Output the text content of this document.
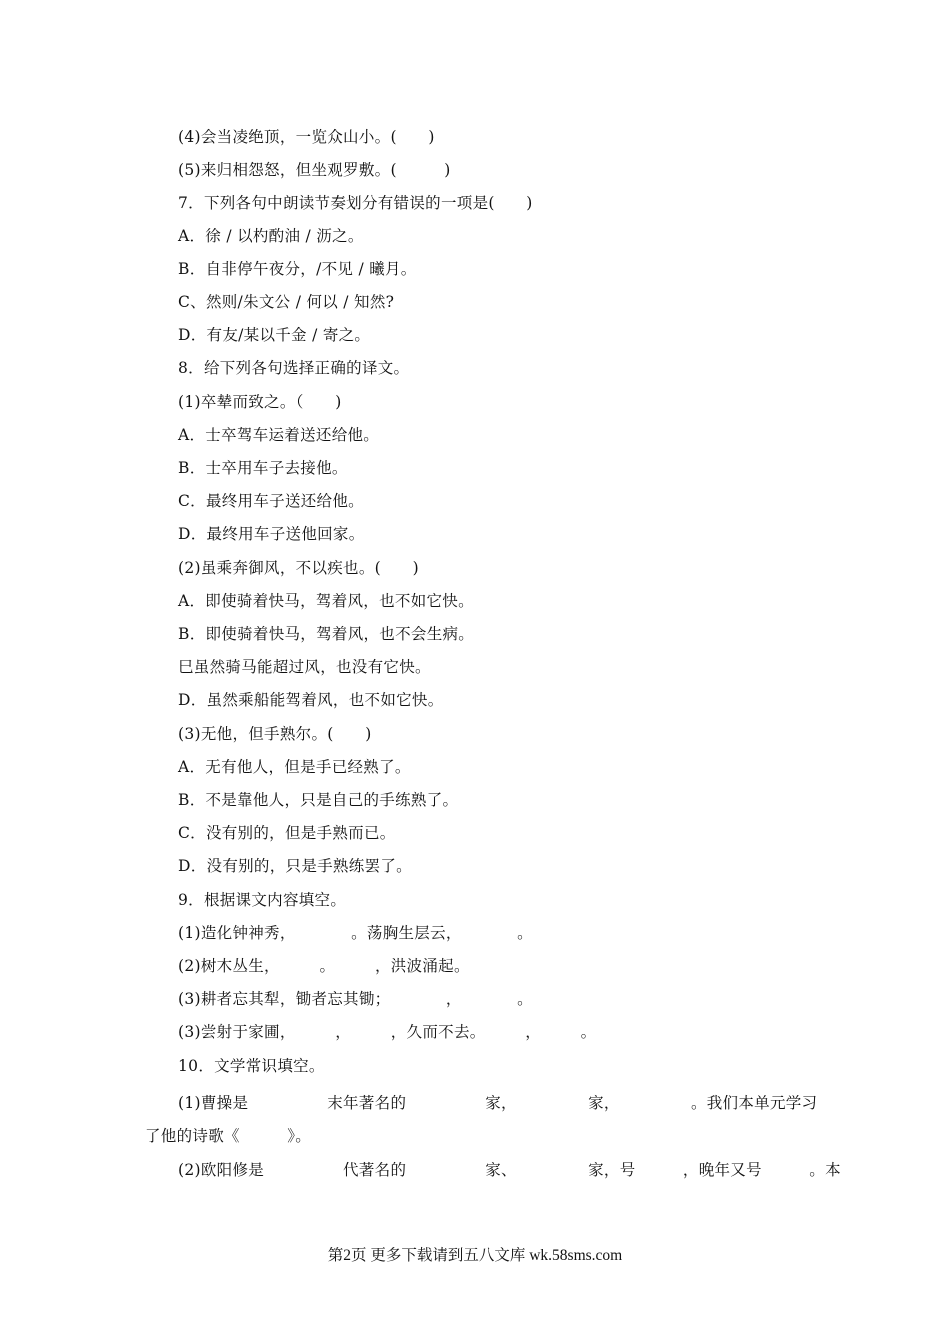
(4)会当凌绝顶，一览众山小。(　　)
(5)来归相怨怒，但坐观罗敷。(　　　)
7．下列各句中朗读节奏划分有错误的一项是(　　)
A．徐 / 以杓酌油 / 沥之。
B．自非停午夜分，/不见 / 曦月。
C、然则/朱文公 / 何以 / 知然?
D．有友/某以千金 / 寄之。
8．给下列各句选择正确的译文。
(1)卒辇而致之。（　　)
A．士卒驾车运着送还给他。
B．士卒用车子去接他。
C．最终用车子送还给他。
D．最终用车子送他回家。
(2)虽乘奔御风，不以疾也。(　　)
A．即使骑着快马，驾着风，也不如它快。
B．即使骑着快马，驾着风，也不会生病。
巳虽然骑马能超过风，也没有它快。
D．虽然乘船能驾着风，也不如它快。
(3)无他，但手熟尔。(　　)
A．无有他人，但是手已经熟了。
B．不是靠他人，只是自己的手练熟了。
C．没有别的，但是手熟而已。
D．没有别的，只是手熟练罢了。
9．根据课文内容填空。
(1)造化钟神秀，　　　　。荡胸生层云，　　　　。
(2)树木丛生，　　　。　　　，洪波涌起。
(3)耕者忘其犁，锄者忘其锄；　　　　，　　　　。
(3)尝射于家圃，　　　，　　　，久而不去。　　　，　　　。
10．文学常识填空。
(1)曹操是　　　　　末年著名的　　　　　家，　　　　　家，　　　　　。我们本单元学习
了他的诗歌《　　　》。
(2)欧阳修是　　　　　代著名的　　　　　家、　　　　　家，号　　　，晚年又号　　　。本
第2页 更多下载请到五八文库 wk.58sms.com
